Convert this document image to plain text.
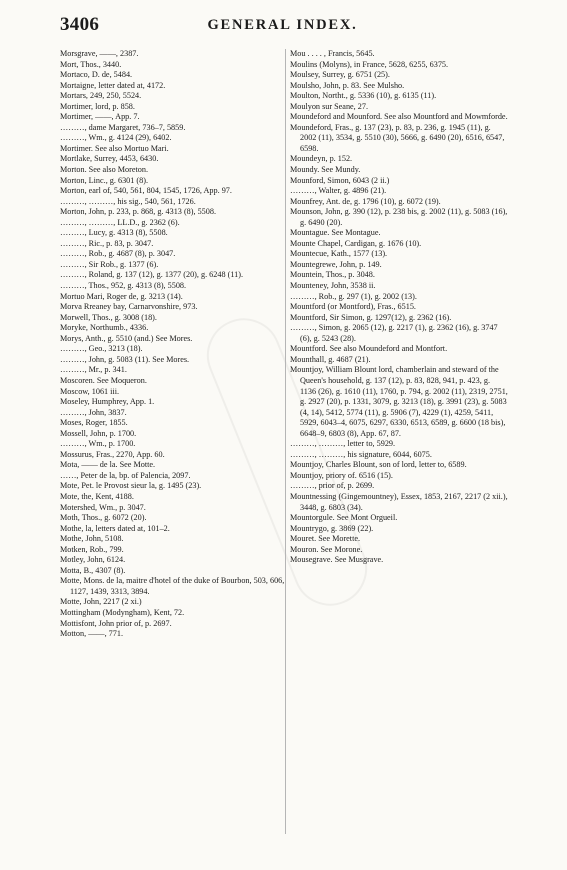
3406	GENERAL INDEX.

Morsgrave, ——, 2387.

Mort, Thos., 3440.

Mortaco, D. de, 5484.

Mortaigne, letter dated at, 4172.

Mortars, 249, 250, 5524.

Mortimer, lord, p. 858.

Mortimer, ——, App. 7.

………, dame Margaret, 736–7, 5859.

………, Wm., g. 4124 (29), 6402.

Mortimer. See also Mortuo Mari.

Mortlake, Surrey, 4453, 6430.

Morton. See also Moreton.

Morton, Linc., g. 6301 (8).

Morton, earl of, 540, 561, 804, 1545, 1726, App. 97.

………, ………, his sig., 540, 561, 1726.

Morton, John, p. 233, p. 868, g. 4313 (8), 5508.

………, ………, LL.D., g. 2362 (6).

………, Lucy, g. 4313 (8), 5508.

………, Ric., p. 83, p. 3047.

………, Rob., g. 4687 (8), p. 3047.

………, Sir Rob., g. 1377 (6).

………, Roland, g. 137 (12), g. 1377 (20), g. 6248 (11).

………, Thos., 952, g. 4313 (8), 5508.

Mortuo Mari, Roger de, g. 3213 (14).

Morva Rreaney bay, Carnarvonshire, 973.

Morwell, Thos., g. 3008 (18).

Moryke, Northumb., 4336.

Morys, Anth., g. 5510 (and.) See Mores.

………, Geo., 3213 (18).

………, John, g. 5083 (11). See Mores.

………, Mr., p. 341.

Moscoren. See Moqueron.

Moscow, 1061 iii.

Moseley, Humphrey, App. 1.

………, John, 3837.

Moses, Roger, 1855.

Mossell, John, p. 1700.

………, Wm., p. 1700.

Mossurus, Fras., 2270, App. 60.

Mota, —— de la. See Motte.

……, Peter de la, bp. of Palencia, 2097.

Mote, Pet. le Provost sieur la, g. 1495 (23).

Mote, the, Kent, 4188.

Motershed, Wm., p. 3047.

Moth, Thos., g. 6072 (20).

Mothe, la, letters dated at, 101–2.

Mothe, John, 5108.

Motken, Rob., 799.

Motley, John, 6124.

Motta, B., 4307 (8).

Motte, Mons. de la, maitre d'hotel of the duke of Bourbon, 503, 606, 1127, 1439, 3313, 3894.

Motte, John, 2217 (2 xi.)

Mottingham (Modyngham), Kent, 72.

Mottisfont, John prior of, p. 2697.

Motton, ——, 771.

Mou . . . . , Francis, 5645.

Moulins (Molyns), in France, 5628, 6255, 6375.

Moulsey, Surrey, g. 6751 (25).

Moulsho, John, p. 83. See Mulsho.

Moulton, Northt., g. 5336 (10), g. 6135 (11).

Moulyon sur Seane, 27.

Moundeford and Mounford. See also Mountford and Mowmforde.

Moundeford, Fras., g. 137 (23), p. 83, p. 236, g. 1945 (11), g. 2002 (11), 3534, g. 5510 (30), 5666, g. 6490 (20), 6516, 6547, 6598.

Moundeyn, p. 152.

Moundy. See Mundy.

Mounford, Simon, 6043 (2 ii.)

………, Walter, g. 4896 (21).

Mounfrey, Ant. de, g. 1796 (10), g. 6072 (19).

Mounson, John, g. 390 (12), p. 238 bis, g. 2002 (11), g. 5083 (16), g. 6490 (20).

Mountague. See Montague.

Mounte Chapel, Cardigan, g. 1676 (10).

Mountecue, Kath., 1577 (13).

Mountegrewe, John, p. 149.

Mountein, Thos., p. 3048.

Mounteney, John, 3538 ii.

………, Rob., g. 297 (1), g. 2002 (13).

Mountford (or Montford), Fras., 6515.

Mountford, Sir Simon, g. 1297(12), g. 2362 (16).

………, Simon, g. 2065 (12), g. 2217 (1), g. 2362 (16), g. 3747 (6), g. 5243 (28).

Mountford. See also Moundeford and Montfort.

Mounthall, g. 4687 (21).

Mountjoy, William Blount lord, chamberlain and steward of the Queen's household, g. 137 (12), p. 83, 828, 941, p. 423, g. 1136 (26), g. 1610 (11), 1760, p. 794, g. 2002 (11), 2319, 2751, g. 2927 (20), p. 1331, 3079, g. 3213 (18), g. 3991 (23), g. 5083 (4, 14), 5412, 5774 (11), g. 5906 (7), 4229 (1), 4259, 5411, 5929, 6043–4, 6075, 6297, 6330, 6513, 6589, g. 6600 (18 bis), 6648–9, 6803 (8), App. 67, 87.

………, ………, letter to, 5929.

………, ………, his signature, 6044, 6075.

Mountjoy, Charles Blount, son of lord, letter to, 6589.

Mountjoy, priory of. 6516 (15).

………, prior of, p. 2699.

Mountnessing (Gingemountney), Essex, 1853, 2167, 2217 (2 xii.), 3448, g. 6803 (34).

Mountorgule. See Mont Orgueil.

Mountrygo, g. 3869 (22).

Mouret. See Morette.

Mouron. See Morone.

Mousegrave. See Musgrave.
